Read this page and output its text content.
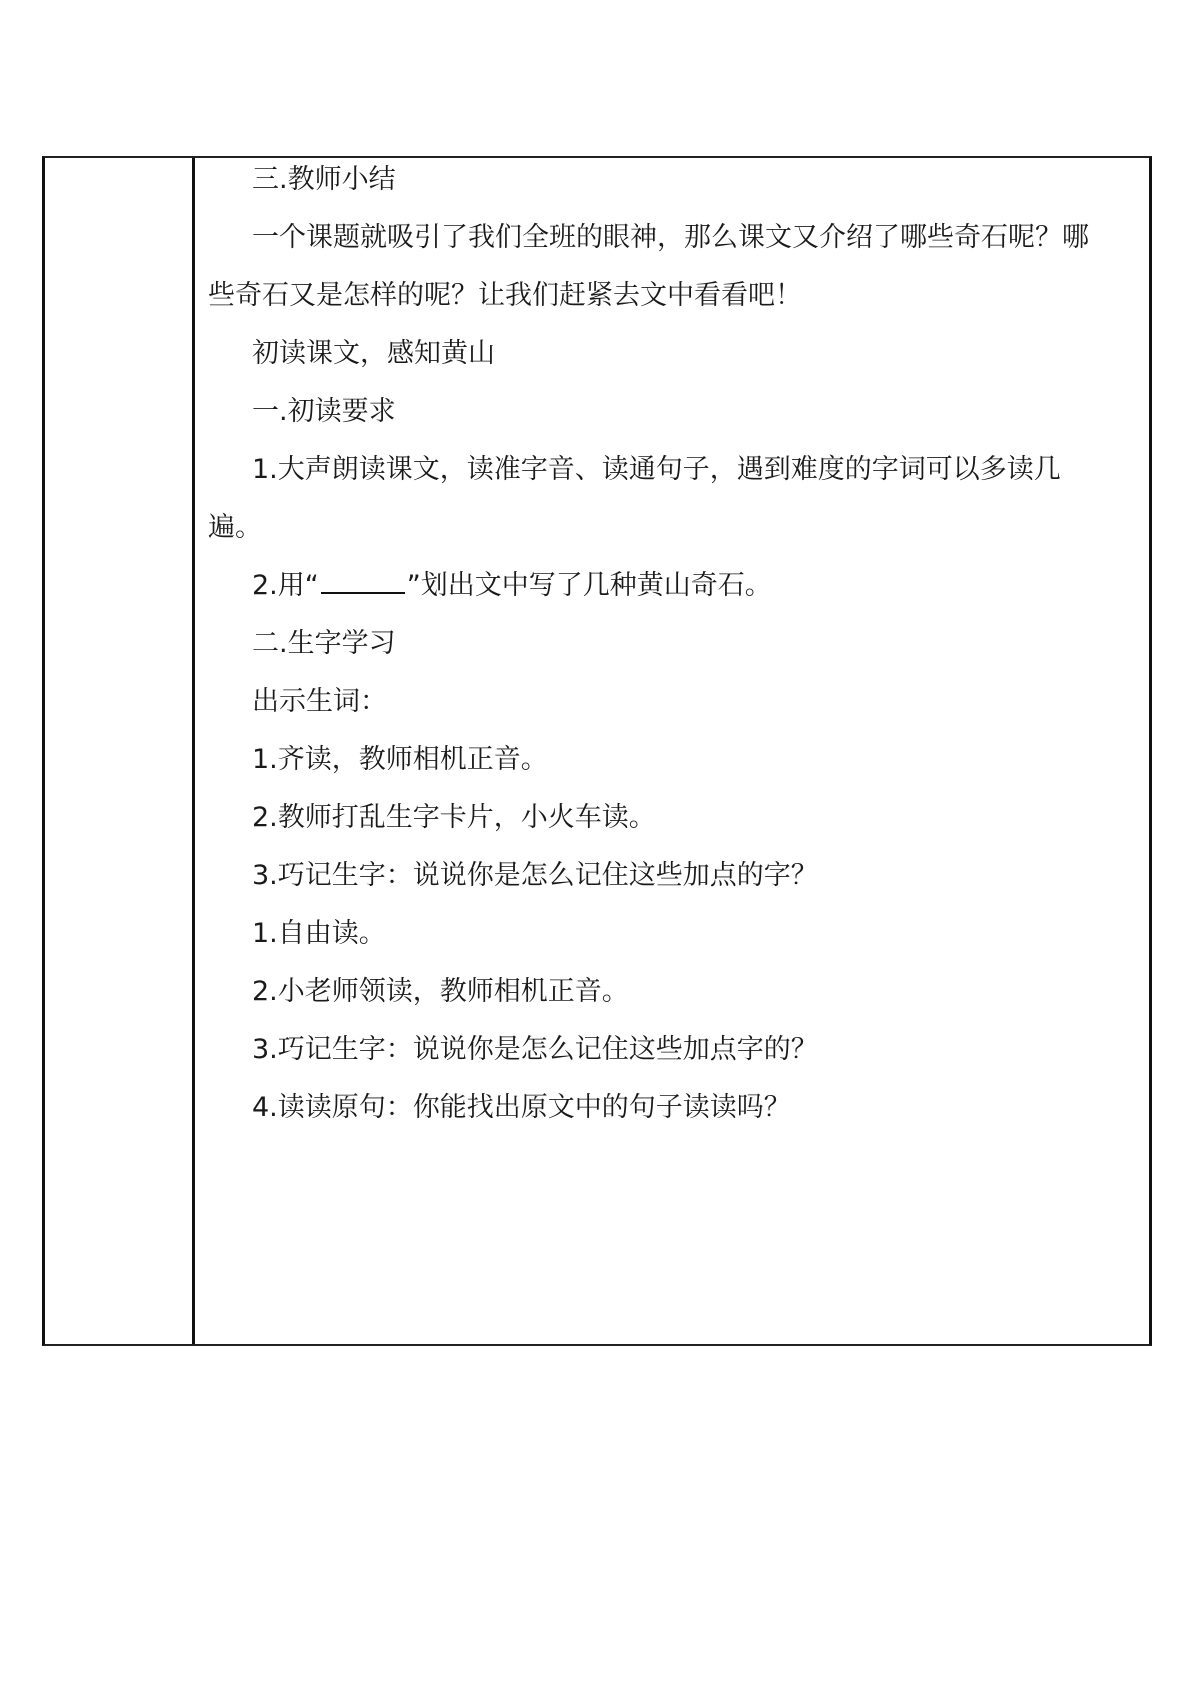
三.教师小结
一个课题就吸引了我们全班的眼神，那么课文又介绍了哪些奇石呢？哪
些奇石又是怎样的呢？让我们赶紧去文中看看吧！
初读课文，感知黄山
一.初读要求
1.大声朗读课文，读准字音、读通句子，遇到难度的字词可以多读几
遍。
2.用“	”划出文中写了几种黄山奇石。
二.生字学习
出示生词：
1.齐读，教师相机正音。
2.教师打乱生字卡片，小火车读。
3.巧记生字：说说你是怎么记住这些加点的字？
1.自由读。
2.小老师领读，教师相机正音。
3.巧记生字：说说你是怎么记住这些加点字的？
4.读读原句：你能找出原文中的句子读读吗？
